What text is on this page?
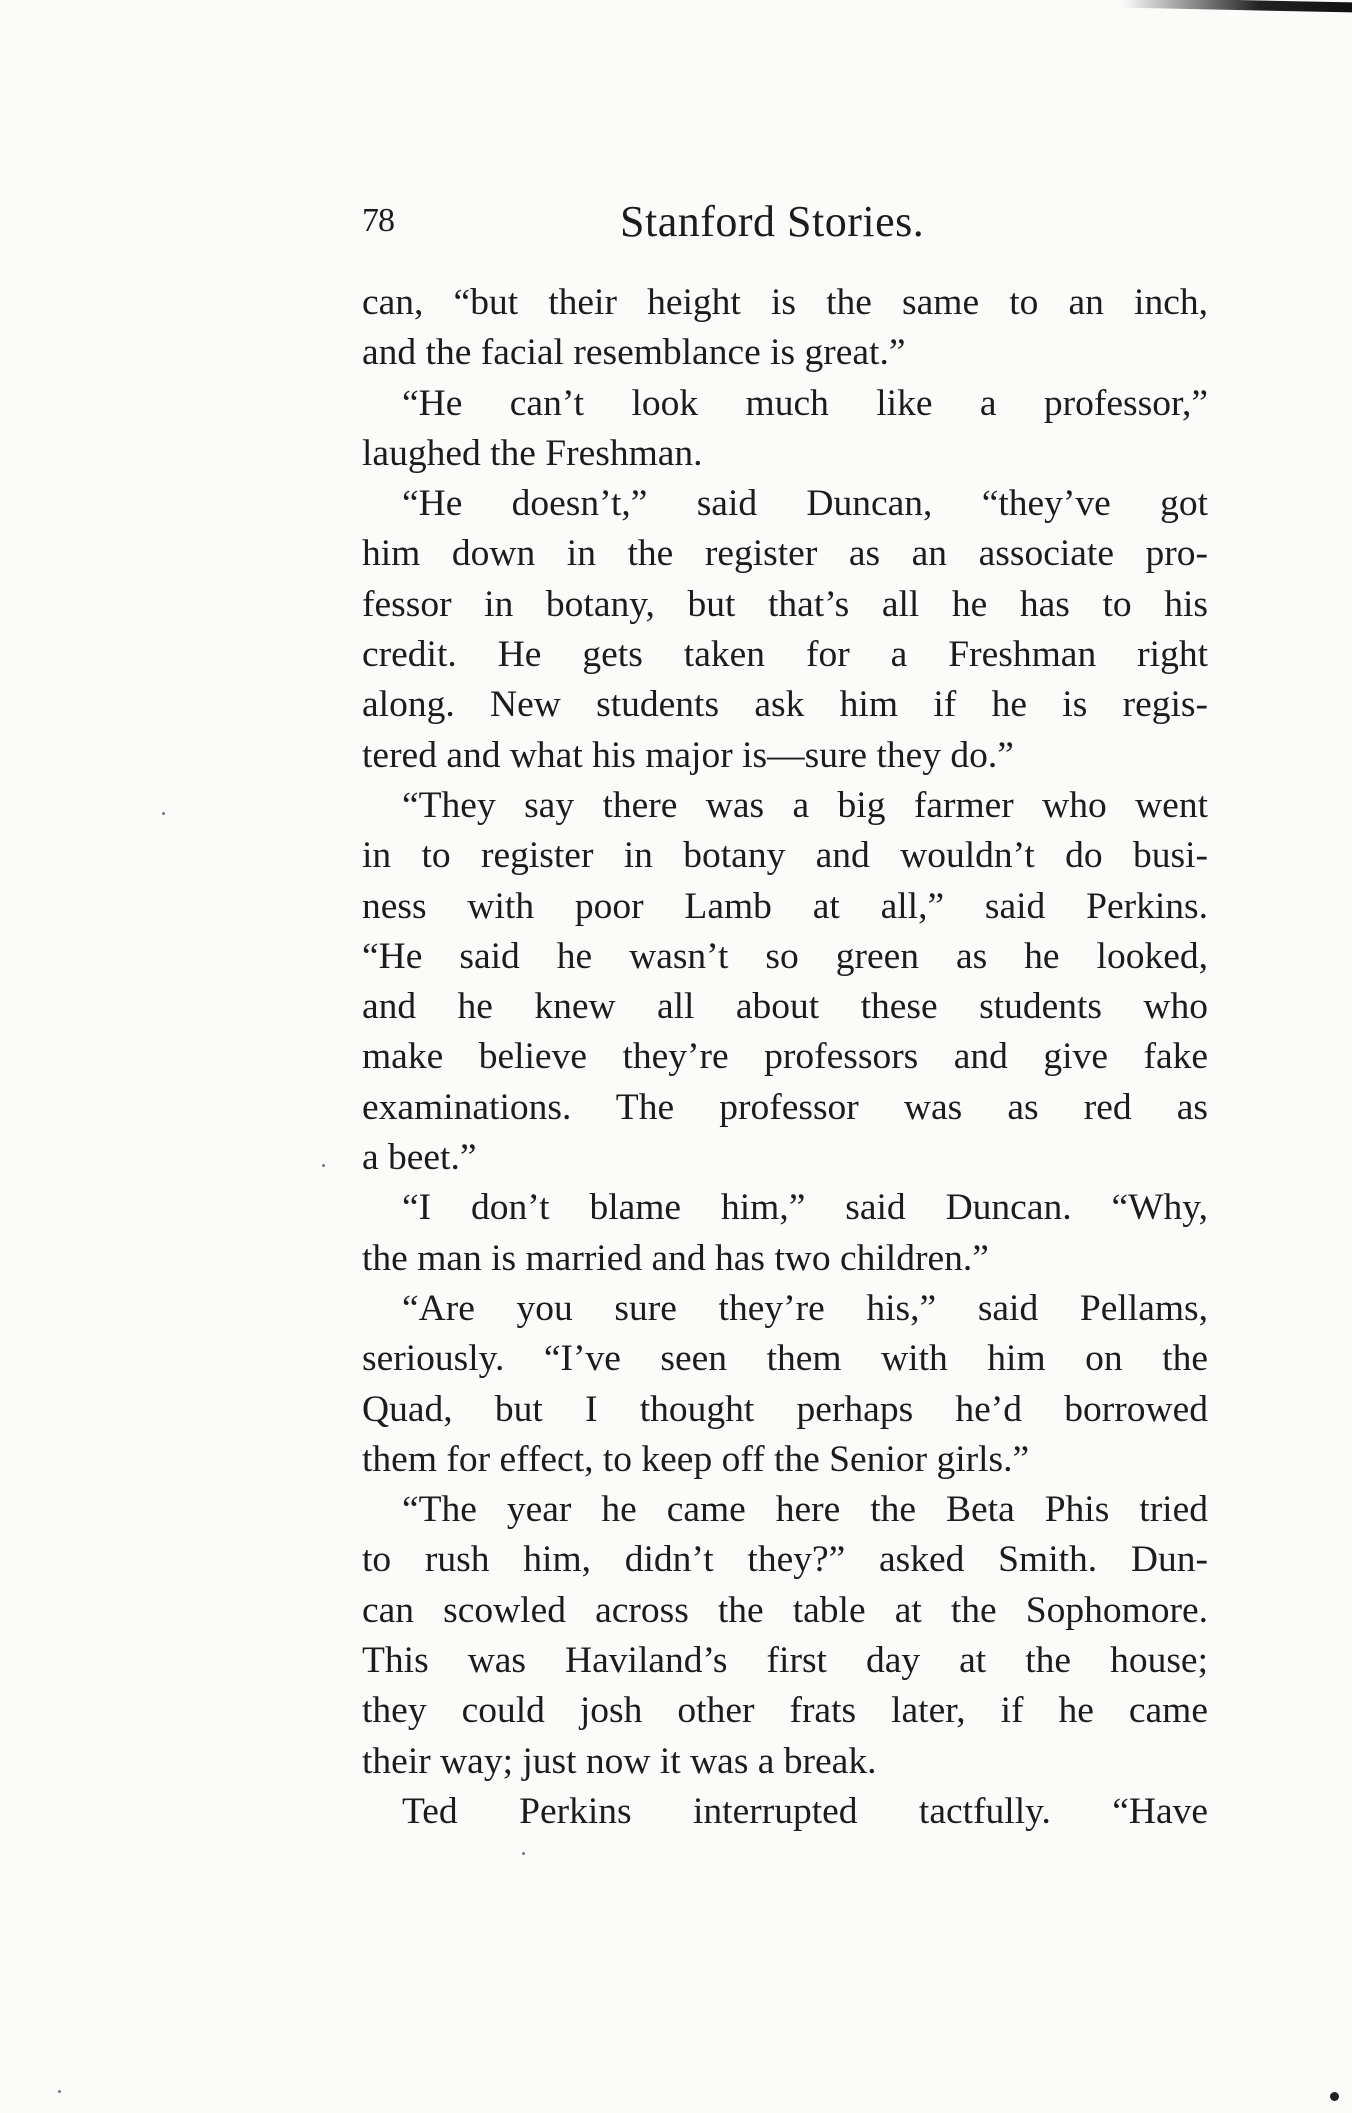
78	Stanford Stories.
can, “but their height is the same to an inch,
and the facial resemblance is great.”
“He can’t look much like a professor,”
laughed the Freshman.
“He doesn’t,” said Duncan, “they’ve got
him down in the register as an associate pro-
fessor in botany, but that’s all he has to his
credit. He gets taken for a Freshman right
along. New students ask him if he is regis-
tered and what his major is—sure they do.”
“They say there was a big farmer who went
in to register in botany and wouldn’t do busi-
ness with poor Lamb at all,” said Perkins.
“He said he wasn’t so green as he looked,
and he knew all about these students who
make believe they’re professors and give fake
examinations. The professor was as red as
a beet.”
“I don’t blame him,” said Duncan. “Why,
the man is married and has two children.”
“Are you sure they’re his,” said Pellams,
seriously. “I’ve seen them with him on the
Quad, but I thought perhaps he’d borrowed
them for effect, to keep off the Senior girls.”
“The year he came here the Beta Phis tried
to rush him, didn’t they?” asked Smith. Dun-
can scowled across the table at the Sophomore.
This was Haviland’s first day at the house;
they could josh other frats later, if he came
their way; just now it was a break.
Ted Perkins interrupted tactfully. “Have
